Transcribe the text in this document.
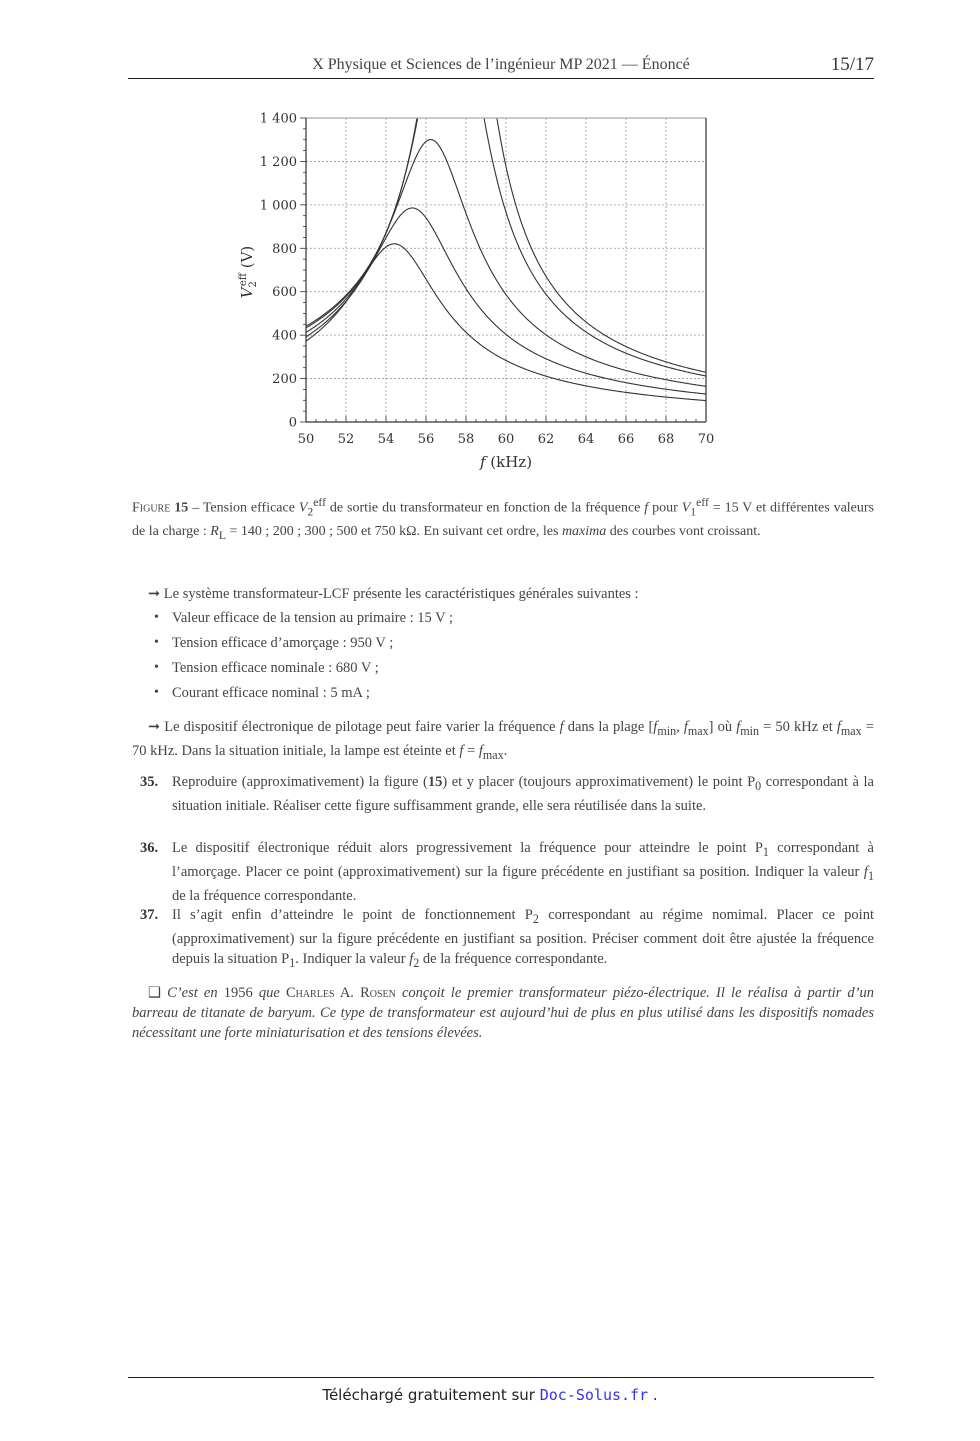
X Physique et Sciences de l’ingénieur MP 2021 — Énoncé	15/17
50 52 54 56 58 60 62 64 66 68 70
0
200
400
600
800
1 000
1 200
1 400
f (kHz)
$V_2eff$ (V)
Figure 15 – Tension efficace $V_2^{eff}$ de sortie du transformateur en fonction de la fréquence f pour $V_1^{eff} = 15$ V et différentes valeurs de la charge : $R_L = 140$ ; 200 ; 300 ; 500 et 750 kΩ. En suivant cet ordre, les maxima des courbes vont croissant.
➞ Le système transformateur-LCF présente les caractéristiques générales suivantes :
• Valeur efficace de la tension au primaire : 15 V ;
• Tension efficace d’amorçage : 950 V ;
• Tension efficace nominale : 680 V ;
• Courant efficace nominal : 5 mA ;
➞ Le dispositif électronique de pilotage peut faire varier la fréquence f dans la plage [$f_{min}$, $f_{max}$] où $f_{min} = 50$ kHz et $f_{max} = 70$ kHz. Dans la situation initiale, la lampe est éteinte et $f = f_{max}$.
35. Reproduire (approximativement) la figure (15) et y placer (toujours approximativement) le point $P_0$ correspondant à la situation initiale. Réaliser cette figure suffisamment grande, elle sera réutilisée dans la suite.
36. Le dispositif électronique réduit alors progressivement la fréquence pour atteindre le point $P_1$ correspondant à l’amorçage. Placer ce point (approximativement) sur la figure précédente en justifiant sa position. Indiquer la valeur $f_1$ de la fréquence correspondante.
37. Il s’agit enfin d’atteindre le point de fonctionnement $P_2$ correspondant au régime nomimal. Placer ce point (approximativement) sur la figure précédente en justifiant sa position. Préciser comment doit être ajustée la fréquence depuis la situation $P_1$. Indiquer la valeur $f_2$ de la fréquence correspondante.
❑ C’est en 1956 que Charles A. Rosen conçoit le premier transformateur piézo-électrique. Il le réalisa à partir d’un barreau de titanate de baryum. Ce type de transformateur est aujourd’hui de plus en plus utilisé dans les dispositifs nomades nécessitant une forte miniaturisation et des tensions élevées.
Téléchargé gratuitement sur Doc-Solus.fr .
